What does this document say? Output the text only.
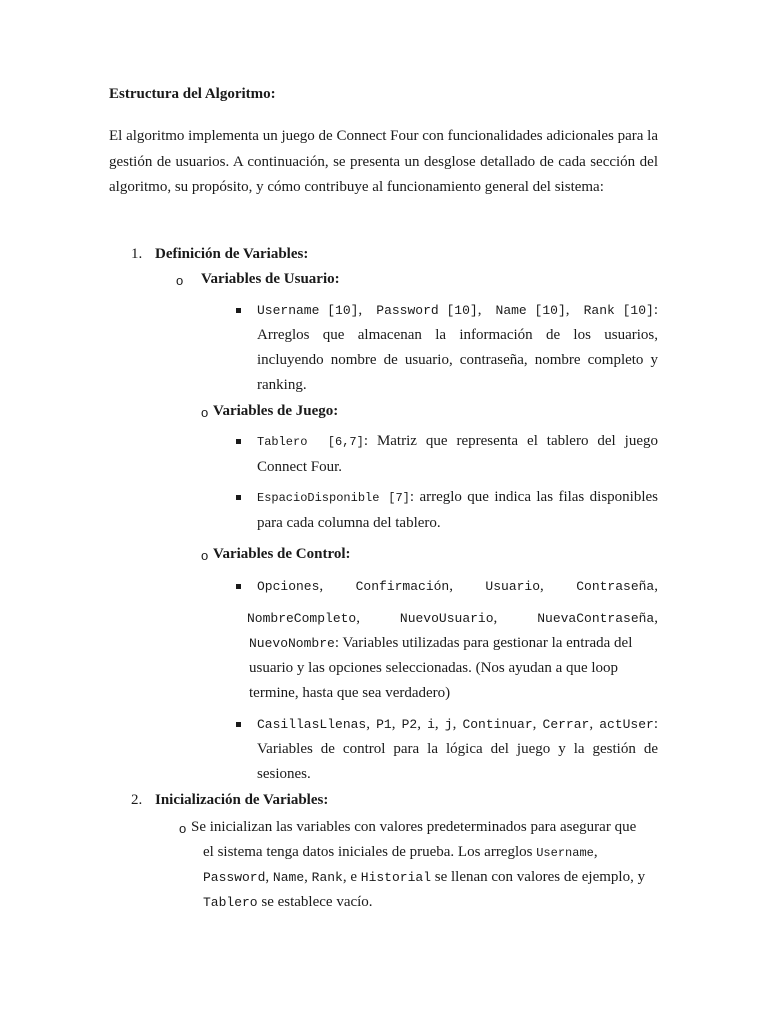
Estructura del Algoritmo:
El algoritmo implementa un juego de Connect Four con funcionalidades adicionales para la gestión de usuarios. A continuación, se presenta un desglose detallado de cada sección del algoritmo, su propósito, y cómo contribuye al funcionamiento general del sistema:
1. Definición de Variables:
o Variables de Usuario:
Username [10], Password [10], Name [10], Rank [10]:
Arreglos que almacenan la información de los usuarios, incluyendo nombre de usuario, contraseña, nombre completo y ranking.
o Variables de Juego:
Tablero [6,7]: Matriz que representa el tablero del juego Connect Four.
EspacioDisponible [7]: arreglo que indica las filas disponibles para cada columna del tablero.
o Variables de Control:
Opciones, Confirmación, Usuario, Contraseña,
NombreCompleto,	NuevoUsuario,	NuevaContraseña,
NuevoNombre: Variables utilizadas para gestionar la entrada del
usuario y las opciones seleccionadas. (Nos ayudan a que loop
termine, hasta que sea verdadero)
CasillasLlenas, P1, P2, i, j, Continuar, Cerrar, actUser:
Variables de control para la lógica del juego y la gestión de sesiones.
2. Inicialización de Variables:
o Se inicializan las variables con valores predeterminados para asegurar que
el sistema tenga datos iniciales de prueba. Los arreglos Username,
Password, Name, Rank, e Historial se llenan con valores de ejemplo, y
Tablero se establece vacío.
